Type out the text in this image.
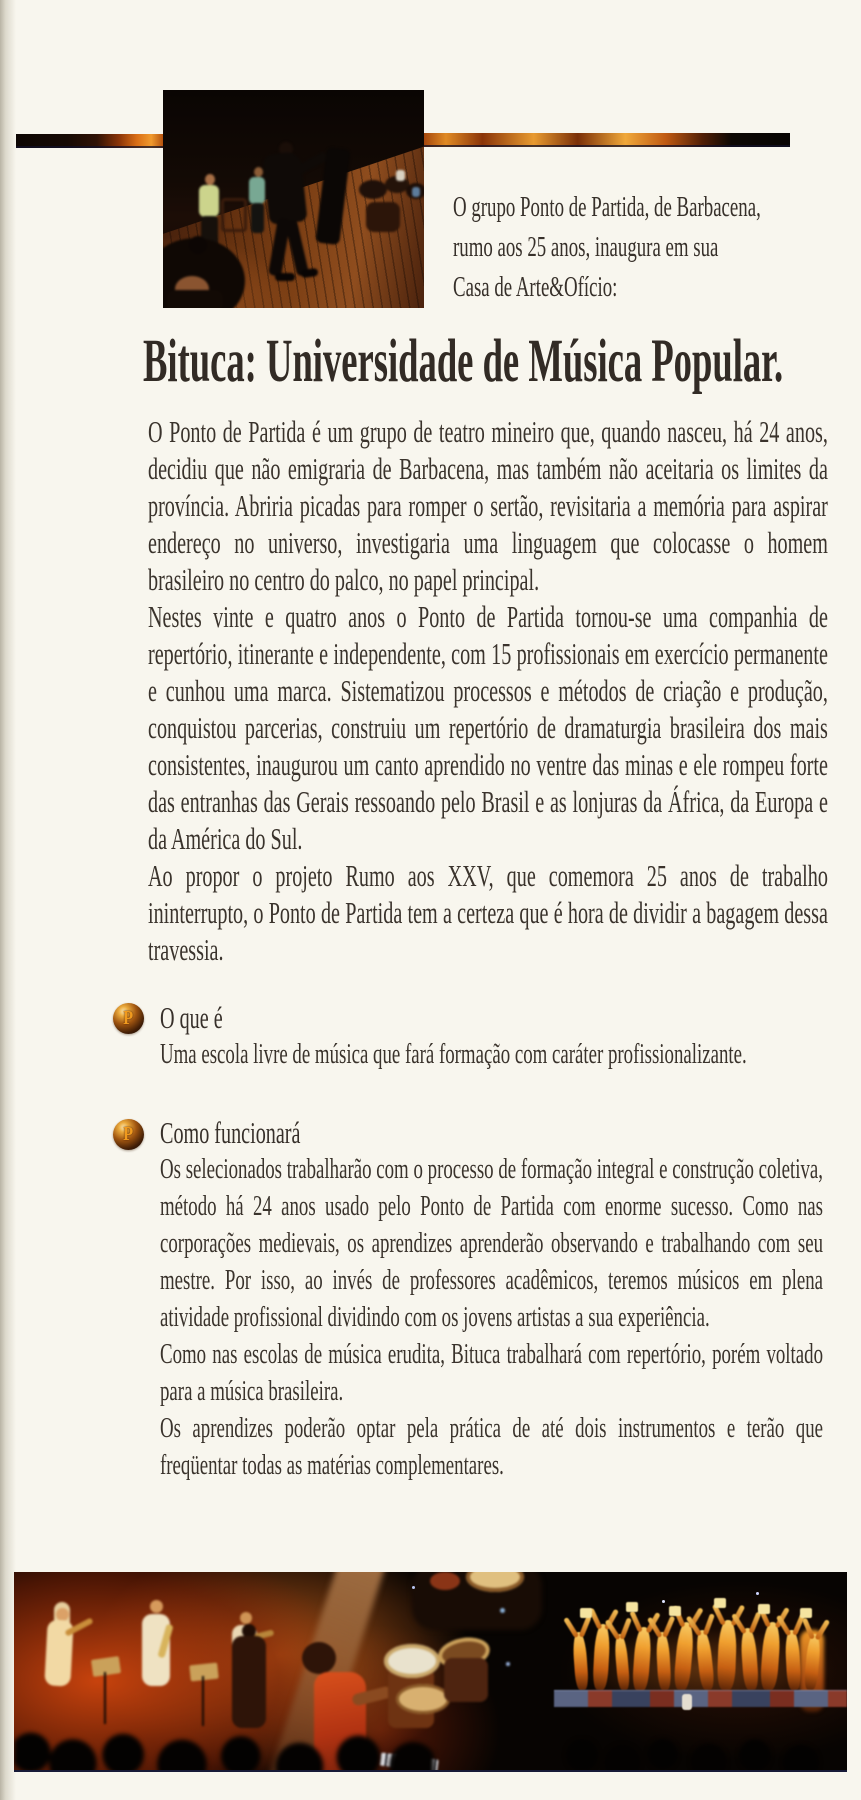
O grupo Ponto de Partida, de Barbacena,
rumo aos 25 anos, inaugura em sua
Casa de Arte&Ofício:
Bituca: Universidade de Música Popular.

O Ponto de Partida é um grupo de teatro mineiro que, quando nasceu, há 24 anos, decidiu que não emigraria de Barbacena, mas também não aceitaria os limites da província. Abriria picadas para romper o sertão, revisitaria a memória para aspirar endereço no universo, investigaria uma linguagem que colocasse o homem brasileiro no centro do palco, no papel principal.

Nestes vinte e quatro anos o Ponto de Partida tornou-se uma companhia de repertório, itinerante e independente, com 15 profissionais em exercício permanente e cunhou uma marca. Sistematizou processos e métodos de criação e produção, conquistou parcerias, construiu um repertório de dramaturgia brasileira dos mais consistentes, inaugurou um canto aprendido no ventre das minas e ele rompeu forte das entranhas das Gerais ressoando pelo Brasil e as lonjuras da África, da Europa e da América do Sul.

Ao propor o projeto Rumo aos XXV, que comemora 25 anos de trabalho ininterrupto, o Ponto de Partida tem a certeza que é hora de dividir a bagagem dessa travessia.

P O que é

Uma escola livre de música que fará formação com caráter profissionalizante.

P Como funcionará

Os selecionados trabalharão com o processo de formação integral e construção coletiva, método há 24 anos usado pelo Ponto de Partida com enorme sucesso. Como nas corporações medievais, os aprendizes aprenderão observando e trabalhando com seu mestre. Por isso, ao invés de professores acadêmicos, teremos músicos em plena atividade profissional dividindo com os jovens artistas a sua experiência.

Como nas escolas de música erudita, Bituca trabalhará com repertório, porém voltado para a música brasileira.

Os aprendizes poderão optar pela prática de até dois instrumentos e terão que freqüentar todas as matérias complementares.
